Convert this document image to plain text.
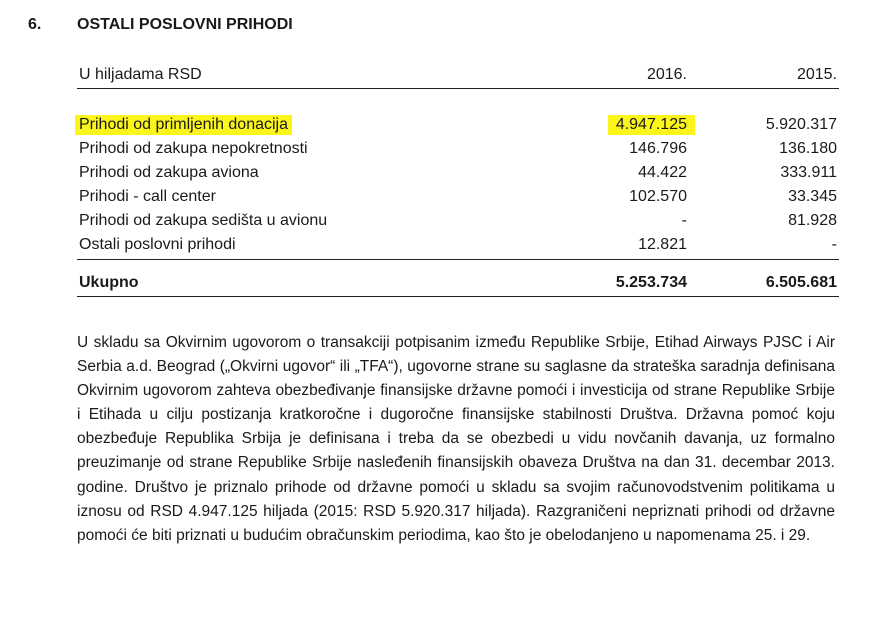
6. OSTALI POSLOVNI PRIHODI
U hiljadama RSD	2016.	2015.
Prihodi od primljenih donacija	4.947.125	5.920.317
Prihodi od zakupa nepokretnosti	146.796	136.180
Prihodi od zakupa aviona	44.422	333.911
Prihodi - call center	102.570	33.345
Prihodi od zakupa sedišta u avionu	-	81.928
Ostali poslovni prihodi	12.821	-
Ukupno	5.253.734	6.505.681

U skladu sa Okvirnim ugovorom o transakciji potpisanim između Republike Srbije, Etihad Airways PJSC i Air Serbia a.d. Beograd („Okvirni ugovor“ ili „TFA“), ugovorne strane su saglasne da strateška saradnja definisana Okvirnim ugovorom zahteva obezbeđivanje finansijske državne pomoći i investicija od strane Republike Srbije i Etihada u cilju postizanja kratkoročne i dugoročne finansijske stabilnosti Društva. Državna pomoć koju obezbeđuje Republika Srbija je definisana i treba da se obezbedi u vidu novčanih davanja, uz formalno preuzimanje od strane Republike Srbije nasleđenih finansijskih obaveza Društva na dan 31. decembar 2013. godine. Društvo je priznalo prihode od državne pomoći u skladu sa svojim računovodstvenim politikama u iznosu od RSD 4.947.125 hiljada (2015: RSD 5.920.317 hiljada). Razgraničeni nepriznati prihodi od državne pomoći će biti priznati u budućim obračunskim periodima, kao što je obelodanjeno u napomenama 25. i 29.
